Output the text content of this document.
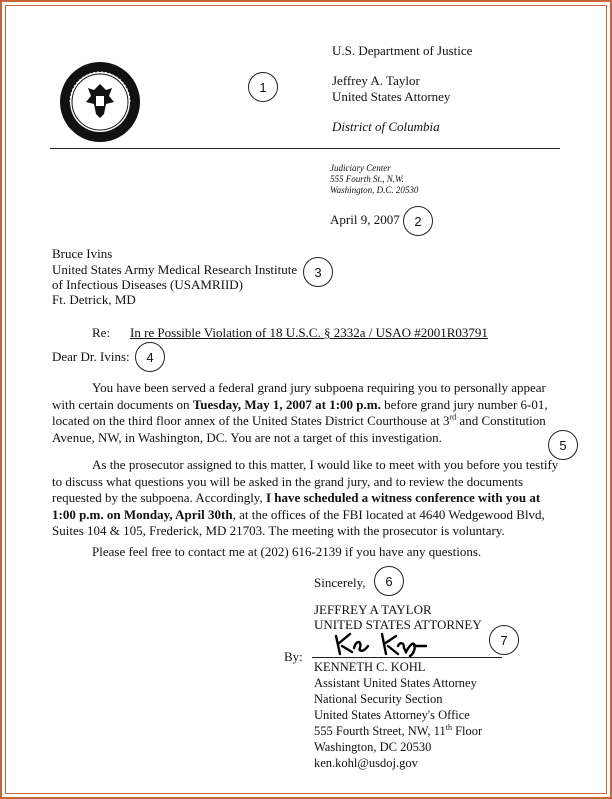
U.S. Department of Justice
Jeffrey A. Taylor
United States Attorney
District of Columbia
Judiciary Center
555 Fourth St., N.W.
Washington, D.C. 20530
April 9, 2007
Bruce Ivins
United States Army Medical Research Institute
of Infectious Diseases (USAMRIID)
Ft. Detrick, MD
Re: In re Possible Violation of 18 U.S.C. § 2332a / USAO #2001R03791
Dear Dr. Ivins:
You have been served a federal grand jury subpoena requiring you to personally appear
with certain documents on Tuesday, May 1, 2007 at 1:00 p.m. before grand jury number 6-01,
located on the third floor annex of the United States District Courthouse at 3rd and Constitution
Avenue, NW, in Washington, DC. You are not a target of this investigation.
As the prosecutor assigned to this matter, I would like to meet with you before you testify
to discuss what questions you will be asked in the grand jury, and to review the documents
requested by the subpoena. Accordingly, I have scheduled a witness conference with you at
1:00 p.m. on Monday, April 30th, at the offices of the FBI located at 4640 Wedgewood Blvd,
Suites 104 & 105, Frederick, MD 21703. The meeting with the prosecutor is voluntary.
Please feel free to contact me at (202) 616-2139 if you have any questions.
Sincerely,
JEFFREY A TAYLOR
UNITED STATES ATTORNEY
By:
KENNETH C. KOHL
Assistant United States Attorney
National Security Section
United States Attorney's Office
555 Fourth Street, NW, 11th Floor
Washington, DC 20530
ken.kohl@usdoj.gov
1
2
3
4
5
6
7
